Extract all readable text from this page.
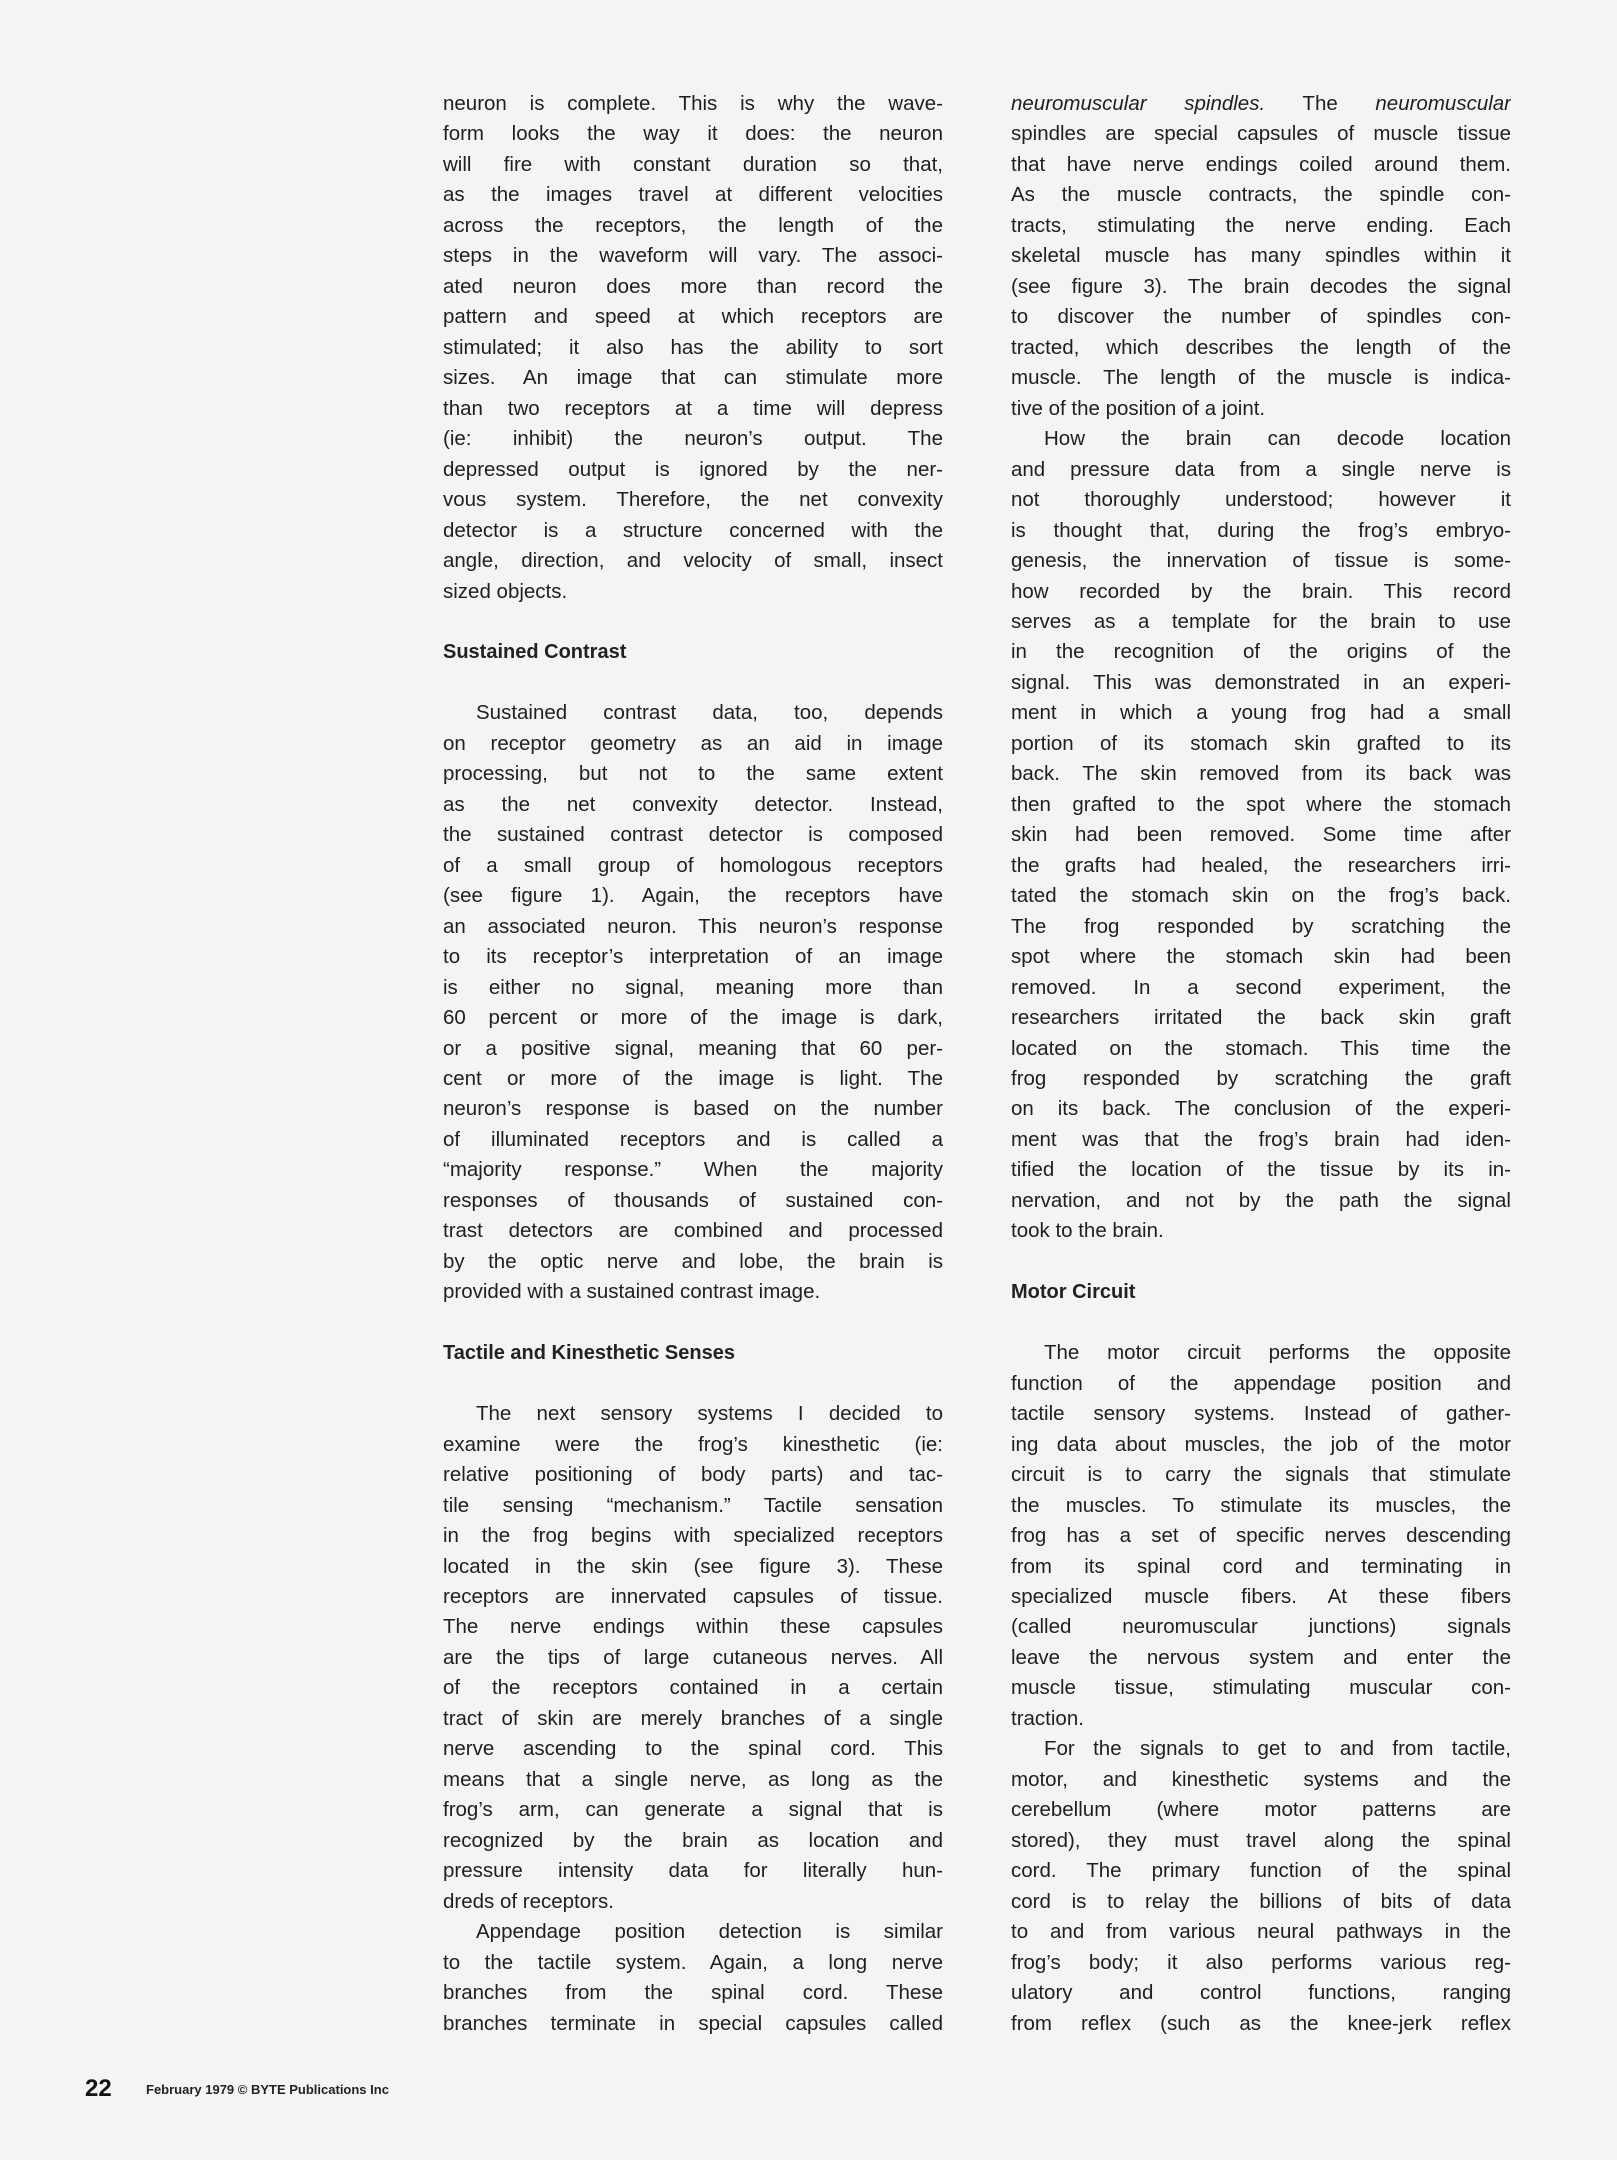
neuron is complete. This is why the wave-
form looks the way it does: the neuron
will fire with constant duration so that,
as the images travel at different velocities
across the receptors, the length of the
steps in the waveform will vary. The associ-
ated neuron does more than record the
pattern and speed at which receptors are
stimulated; it also has the ability to sort
sizes. An image that can stimulate more
than two receptors at a time will depress
(ie: inhibit) the neuron’s output. The
depressed output is ignored by the ner-
vous system. Therefore, the net convexity
detector is a structure concerned with the
angle, direction, and velocity of small, insect
sized objects.
Sustained Contrast
Sustained contrast data, too, depends
on receptor geometry as an aid in image
processing, but not to the same extent
as the net convexity detector. Instead,
the sustained contrast detector is composed
of a small group of homologous receptors
(see figure 1). Again, the receptors have
an associated neuron. This neuron’s response
to its receptor’s interpretation of an image
is either no signal, meaning more than
60 percent or more of the image is dark,
or a positive signal, meaning that 60 per-
cent or more of the image is light. The
neuron’s response is based on the number
of illuminated receptors and is called a
“majority response.” When the majority
responses of thousands of sustained con-
trast detectors are combined and processed
by the optic nerve and lobe, the brain is
provided with a sustained contrast image.
Tactile and Kinesthetic Senses
The next sensory systems I decided to
examine were the frog’s kinesthetic (ie:
relative positioning of body parts) and tac-
tile sensing “mechanism.” Tactile sensation
in the frog begins with specialized receptors
located in the skin (see figure 3). These
receptors are innervated capsules of tissue.
The nerve endings within these capsules
are the tips of large cutaneous nerves. All
of the receptors contained in a certain
tract of skin are merely branches of a single
nerve ascending to the spinal cord. This
means that a single nerve, as long as the
frog’s arm, can generate a signal that is
recognized by the brain as location and
pressure intensity data for literally hun-
dreds of receptors.
Appendage position detection is similar
to the tactile system. Again, a long nerve
branches from the spinal cord. These
branches terminate in special capsules called
neuromuscular spindles. The neuromuscular
spindles are special capsules of muscle tissue
that have nerve endings coiled around them.
As the muscle contracts, the spindle con-
tracts, stimulating the nerve ending. Each
skeletal muscle has many spindles within it
(see figure 3). The brain decodes the signal
to discover the number of spindles con-
tracted, which describes the length of the
muscle. The length of the muscle is indica-
tive of the position of a joint.
How the brain can decode location
and pressure data from a single nerve is
not thoroughly understood; however it
is thought that, during the frog’s embryo-
genesis, the innervation of tissue is some-
how recorded by the brain. This record
serves as a template for the brain to use
in the recognition of the origins of the
signal. This was demonstrated in an experi-
ment in which a young frog had a small
portion of its stomach skin grafted to its
back. The skin removed from its back was
then grafted to the spot where the stomach
skin had been removed. Some time after
the grafts had healed, the researchers irri-
tated the stomach skin on the frog’s back.
The frog responded by scratching the
spot where the stomach skin had been
removed. In a second experiment, the
researchers irritated the back skin graft
located on the stomach. This time the
frog responded by scratching the graft
on its back. The conclusion of the experi-
ment was that the frog’s brain had iden-
tified the location of the tissue by its in-
nervation, and not by the path the signal
took to the brain.
Motor Circuit
The motor circuit performs the opposite
function of the appendage position and
tactile sensory systems. Instead of gather-
ing data about muscles, the job of the motor
circuit is to carry the signals that stimulate
the muscles. To stimulate its muscles, the
frog has a set of specific nerves descending
from its spinal cord and terminating in
specialized muscle fibers. At these fibers
(called neuromuscular junctions) signals
leave the nervous system and enter the
muscle tissue, stimulating muscular con-
traction.
For the signals to get to and from tactile,
motor, and kinesthetic systems and the
cerebellum (where motor patterns are
stored), they must travel along the spinal
cord. The primary function of the spinal
cord is to relay the billions of bits of data
to and from various neural pathways in the
frog’s body; it also performs various reg-
ulatory and control functions, ranging
from reflex (such as the knee-jerk reflex
22	February 1979 © BYTE Publications Inc
